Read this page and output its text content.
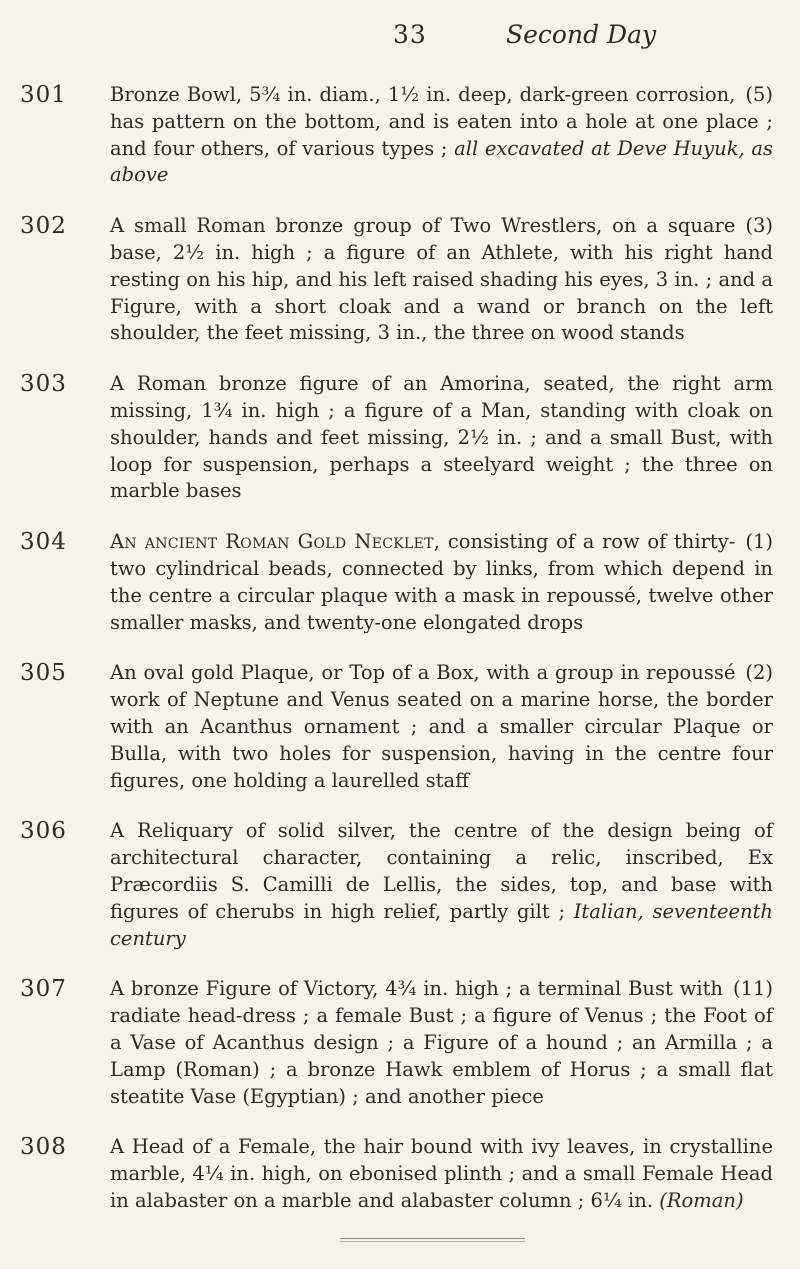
33	Second Day
301	(5)
Bronze Bowl, 5¾ in. diam., 1½ in. deep, dark-green corrosion, has pattern on the bottom, and is eaten into a hole at one place ; and four others, of various types ; all excavated at Deve Huyuk, as above
302	(3)
A small Roman bronze group of Two Wrestlers, on a square base, 2½ in. high ; a figure of an Athlete, with his right hand resting on his hip, and his left raised shading his eyes, 3 in. ; and a Figure, with a short cloak and a wand or branch on the left shoulder, the feet missing, 3 in., the three on wood stands
303 A Roman bronze figure of an Amorina, seated, the right arm missing, 1¾ in. high ; a figure of a Man, standing with cloak on shoulder, hands and feet missing, 2½ in. ; and a small Bust, with loop for suspension, perhaps a steelyard weight ; the three on marble bases
304	(1)
An ancient Roman Gold Necklet, consisting of a row of thirty-two cylindrical beads, connected by links, from which depend in the centre a circular plaque with a mask in repoussé, twelve other smaller masks, and twenty-one elongated drops
305	(2)
An oval gold Plaque, or Top of a Box, with a group in repoussé work of Neptune and Venus seated on a marine horse, the border with an Acanthus ornament ; and a smaller circular Plaque or Bulla, with two holes for suspension, having in the centre four figures, one holding a laurelled staff
306 A Reliquary of solid silver, the centre of the design being of architectural character, containing a relic, inscribed, Ex Præcordiis S. Camilli de Lellis, the sides, top, and base with figures of cherubs in high relief, partly gilt ; Italian, seventeenth century
307	(11)
A bronze Figure of Victory, 4¾ in. high ; a terminal Bust with radiate head-dress ; a female Bust ; a figure of Venus ; the Foot of a Vase of Acanthus design ; a Figure of a hound ; an Armilla ; a Lamp (Roman) ; a bronze Hawk emblem of Horus ; a small flat steatite Vase (Egyptian) ; and another piece
308 A Head of a Female, the hair bound with ivy leaves, in crystalline marble, 4¼ in. high, on ebonised plinth ; and a small Female Head in alabaster on a marble and alabaster column ; 6¼ in. (Roman)
